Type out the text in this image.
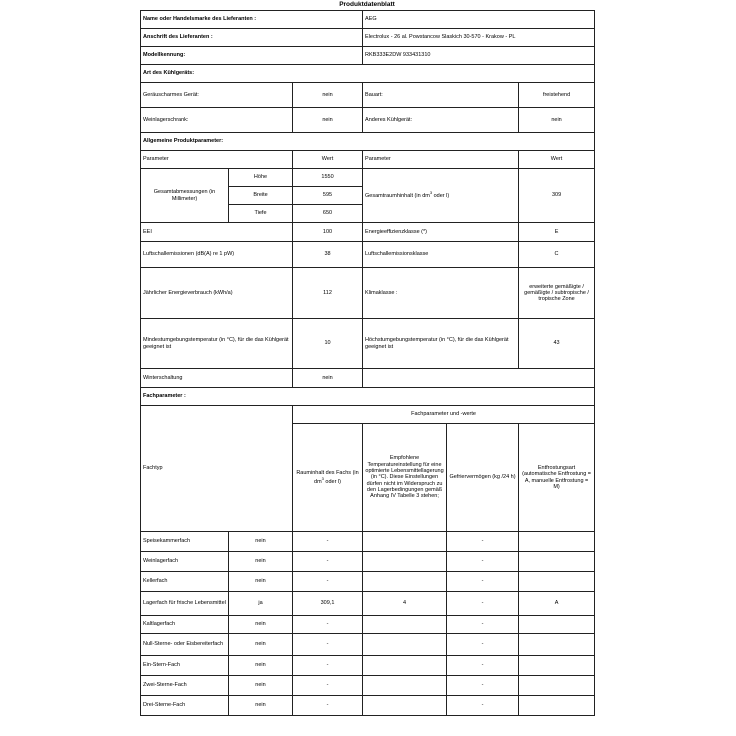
Produktdatenblatt
Name oder Handelsmarke des Lieferanten :			AEG		
Anschrift des Lieferanten :			Electrolux - 26 al. Powstancow Slaskich 30-570 - Krakow - PL		
Modellkennung:			RKB333E2DW 933431310		
Art des Kühlgeräts:					
Geräuscharmes Gerät:		nein	Bauart:		freistehend
Weinlagerschrank:		nein	Anderes Kühlgerät:		nein
Allgemeine Produktparameter:					
Parameter		Wert	Parameter		Wert
Gesamtabmessungen (in Millimeter)	Höhe	1550	Gesamtraumhinhalt (in $dm^3$ oder l)		309
	Breite	595			
	Tiefe	650			
EEI		100	Energieeffizienzklasse (*)		E
Luftschallemissionen (dB(A) re 1 pW)		38	Luftschallemissionsklasse		C
Jährlicher Energieverbrauch (kWh/a)		112	Klimaklasse :		erweiterte gemäßigte / gemäßigte / subtropische / tropische Zone
Mindestumgebungstemperatur (in °C), für die das Kühlgerät geeignet ist		10	Höchstumgebungstemperatur (in °C), für die das Kühlgerät geeignet ist		43
Winterschaltung		nein			
Fachparameter :					
Fachtyp		Fachparameter und -werte			
		Rauminhalt des Fachs (in $dm^3$ oder l)	Empfohlene Temperatureinstellung für eine optimierte Lebensmittellagerung (in °C). Diese Einstellungen dürfen nicht im Widerspruch zu den Lagerbedingungen gemäß Anhang IV Tabelle 3 stehen;	Gefriervermögen (kg /24 h)	Entfrostungsart (automatische Entfrostung = A, manuelle Entfrostung = M)
Speisekammerfach	nein	-		-	
Weinlagerfach	nein	-		-	
Kellerfach	nein	-		-	
Lagerfach für frische Lebensmittel	ja	309,1	4	-	A
Kaltlagerfach	nein	-		-	
Null-Sterne- oder Eisbereiterfach	nein	-		-	
Ein-Stern-Fach	nein	-		-	
Zwei-Sterne-Fach	nein	-		-	
Drei-Sterne-Fach	nein	-		-	
